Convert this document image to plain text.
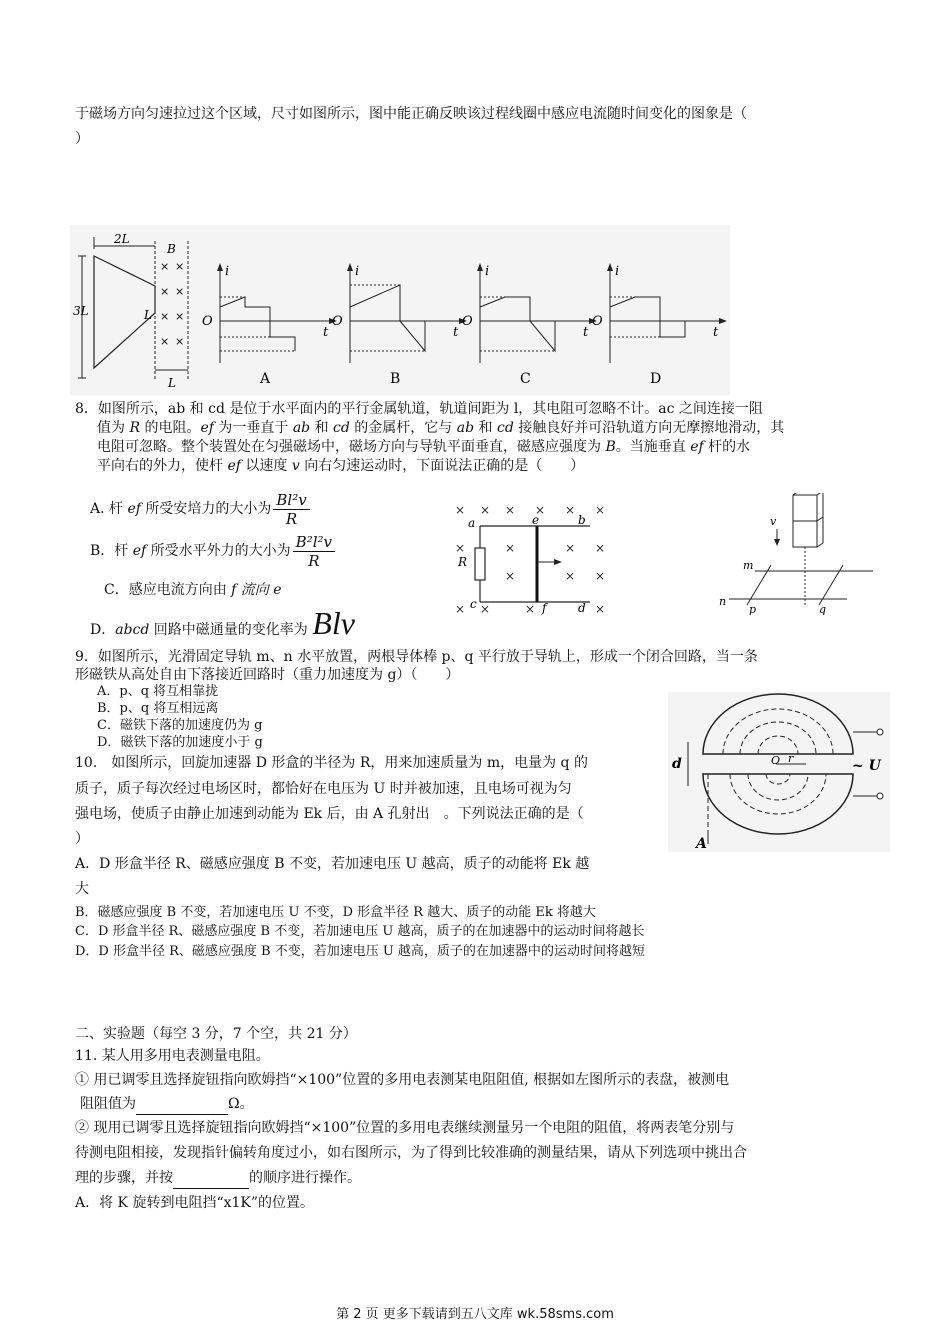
于磁场方向匀速拉过这个区域，尺寸如图所示，图中能正确反映该过程线圈中感应电流随时间变化的图象是（
）
3L
2L
B
L
× ×
× ×
× ×
× ×
L
i
O
t
A
i
O
t
B
i
O
t
C
i
O
t
D
8．如图所示，ab 和 cd 是位于水平面内的平行金属轨道，轨道间距为 l，其电阻可忽略不计。ac 之间连接一阻
值为 R 的电阻。ef 为一垂直于 ab 和 cd 的金属杆，它与 ab 和 cd 接触良好并可沿轨道方向无摩擦地滑动，其
电阻可忽略。整个装置处在匀强磁场中，磁场方向与导轨平面垂直，磁感应强度为 B。当施垂直 ef 杆的水
平向右的外力，使杆 ef 以速度 v 向右匀速运动时，下面说法正确的是（　　）
A. 杆 ef 所受安培力的大小为 $\frac{\text{Bl²v}}{R}$
B．杆 ef 所受水平外力的大小为 $\frac{\text{B²l²v}}{R}$
C．感应电流方向由 f 流向 e
D．abcd 回路中磁通量的变化率为 Blv
× × × × × ×
×	×	× ×
×	× ×
× ×	×	×
a	e	b
R
c	f	d
v
m
n
p	q
9．如图所示，光滑固定导轨 m、n 水平放置，两根导体棒 p、q 平行放于导轨上，形成一个闭合回路，当一条
形磁铁从高处自由下落接近回路时（重力加速度为 g）（　　）
A．p、q 将互相靠拢
B．p、q 将互相远离
C．磁铁下落的加速度仍为 g
D．磁铁下落的加速度小于 g
10.　如图所示，回旋加速器 D 形盒的半径为 R，用来加速质量为 m，电量为 q 的
质子，质子每次经过电场区时，都恰好在电压为 U 时并被加速，且电场可视为匀
强电场，使质子由静止加速到动能为 Ek 后，由 A 孔射出　。下列说法正确的是（
）
A．D 形盒半径 R、磁感应强度 B 不变，若加速电压 U 越高，质子的动能将 Ek 越
大
B．磁感应强度 B 不变，若加速电压 U 不变，D 形盒半径 R 越大、质子的动能 Ek 将越大
C．D 形盒半径 R、磁感应强度 B 不变，若加速电压 U 越高，质子的在加速器中的运动时间将越长
D．D 形盒半径 R、磁感应强度 B 不变，若加速电压 U 越高，质子的在加速器中的运动时间将越短
O r
d	~ U
A
二、实验题（每空 3 分，7 个空，共 21 分）
11. 某人用多用电表测量电阻。
① 用已调零且选择旋钮指向欧姆挡“×100”位置的多用电表测某电阻阻值, 根据如左图所示的表盘，被测电
阻阻值为	Ω。
② 现用已调零且选择旋钮指向欧姆挡“×100”位置的多用电表继续测量另一个电阻的阻值，将两表笔分别与
待测电阻相接，发现指针偏转角度过小，如右图所示，为了得到比较准确的测量结果，请从下列选项中挑出合
理的步骤，并按	的顺序进行操作。
A．将 K 旋转到电阻挡“x1K”的位置。
第 2 页 更多下载请到五八文库 wk.58sms.com
